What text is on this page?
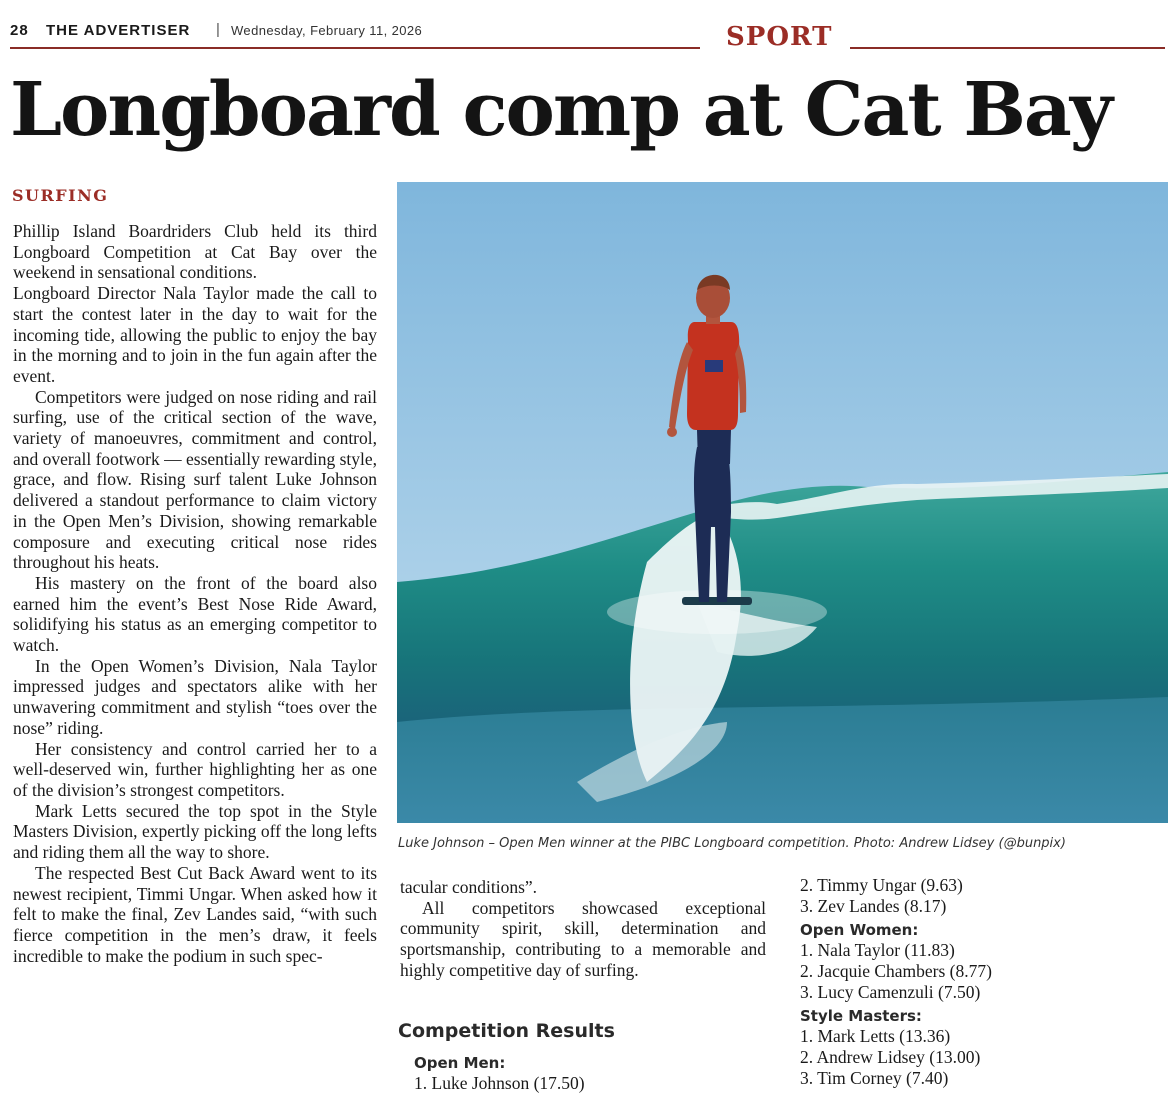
28 THE ADVERTISER | Wednesday, February 11, 2026	SPORT
Longboard comp at Cat Bay
SURFING

Phillip Island Boardriders Club held its third Longboard Competition at Cat Bay over the weekend in sensational conditions.

Longboard Director Nala Taylor made the call to start the contest later in the day to wait for the incoming tide, allowing the public to enjoy the bay in the morning and to join in the fun again after the event.

Competitors were judged on nose riding and rail surfing, use of the critical section of the wave, variety of manoeuvres, commitment and control, and overall footwork — essentially rewarding style, grace, and flow. Rising surf talent Luke Johnson delivered a standout performance to claim victory in the Open Men’s Division, showing remarkable composure and executing critical nose rides throughout his heats.

His mastery on the front of the board also earned him the event’s Best Nose Ride Award, solidifying his status as an emerging competitor to watch.

In the Open Women’s Division, Nala Taylor impressed judges and spectators alike with her unwavering commitment and stylish “toes over the nose” riding.

Her consistency and control carried her to a well-deserved win, further highlighting her as one of the division’s strongest competitors.

Mark Letts secured the top spot in the Style Masters Division, expertly picking off the long lefts and riding them all the way to shore.

The respected Best Cut Back Award went to its newest recipient, Timmi Ungar. When asked how it felt to make the final, Zev Landes said, “with such fierce competition in the men’s draw, it feels incredible to make the podium in such spec-

Luke Johnson – Open Men winner at the PIBC Longboard competition. Photo: Andrew Lidsey (@bunpix)

tacular conditions”.

All competitors showcased exceptional community spirit, skill, determination and sportsmanship, contributing to a memorable and highly competitive day of surfing.

Competition Results
Open Men:
1. Luke Johnson (17.50)
2. Timmy Ungar (9.63)
3. Zev Landes (8.17)
Open Women:
1. Nala Taylor (11.83)
2. Jacquie Chambers (8.77)
3. Lucy Camenzuli (7.50)
Style Masters:
1. Mark Letts (13.36)
2. Andrew Lidsey (13.00)
3. Tim Corney (7.40)
